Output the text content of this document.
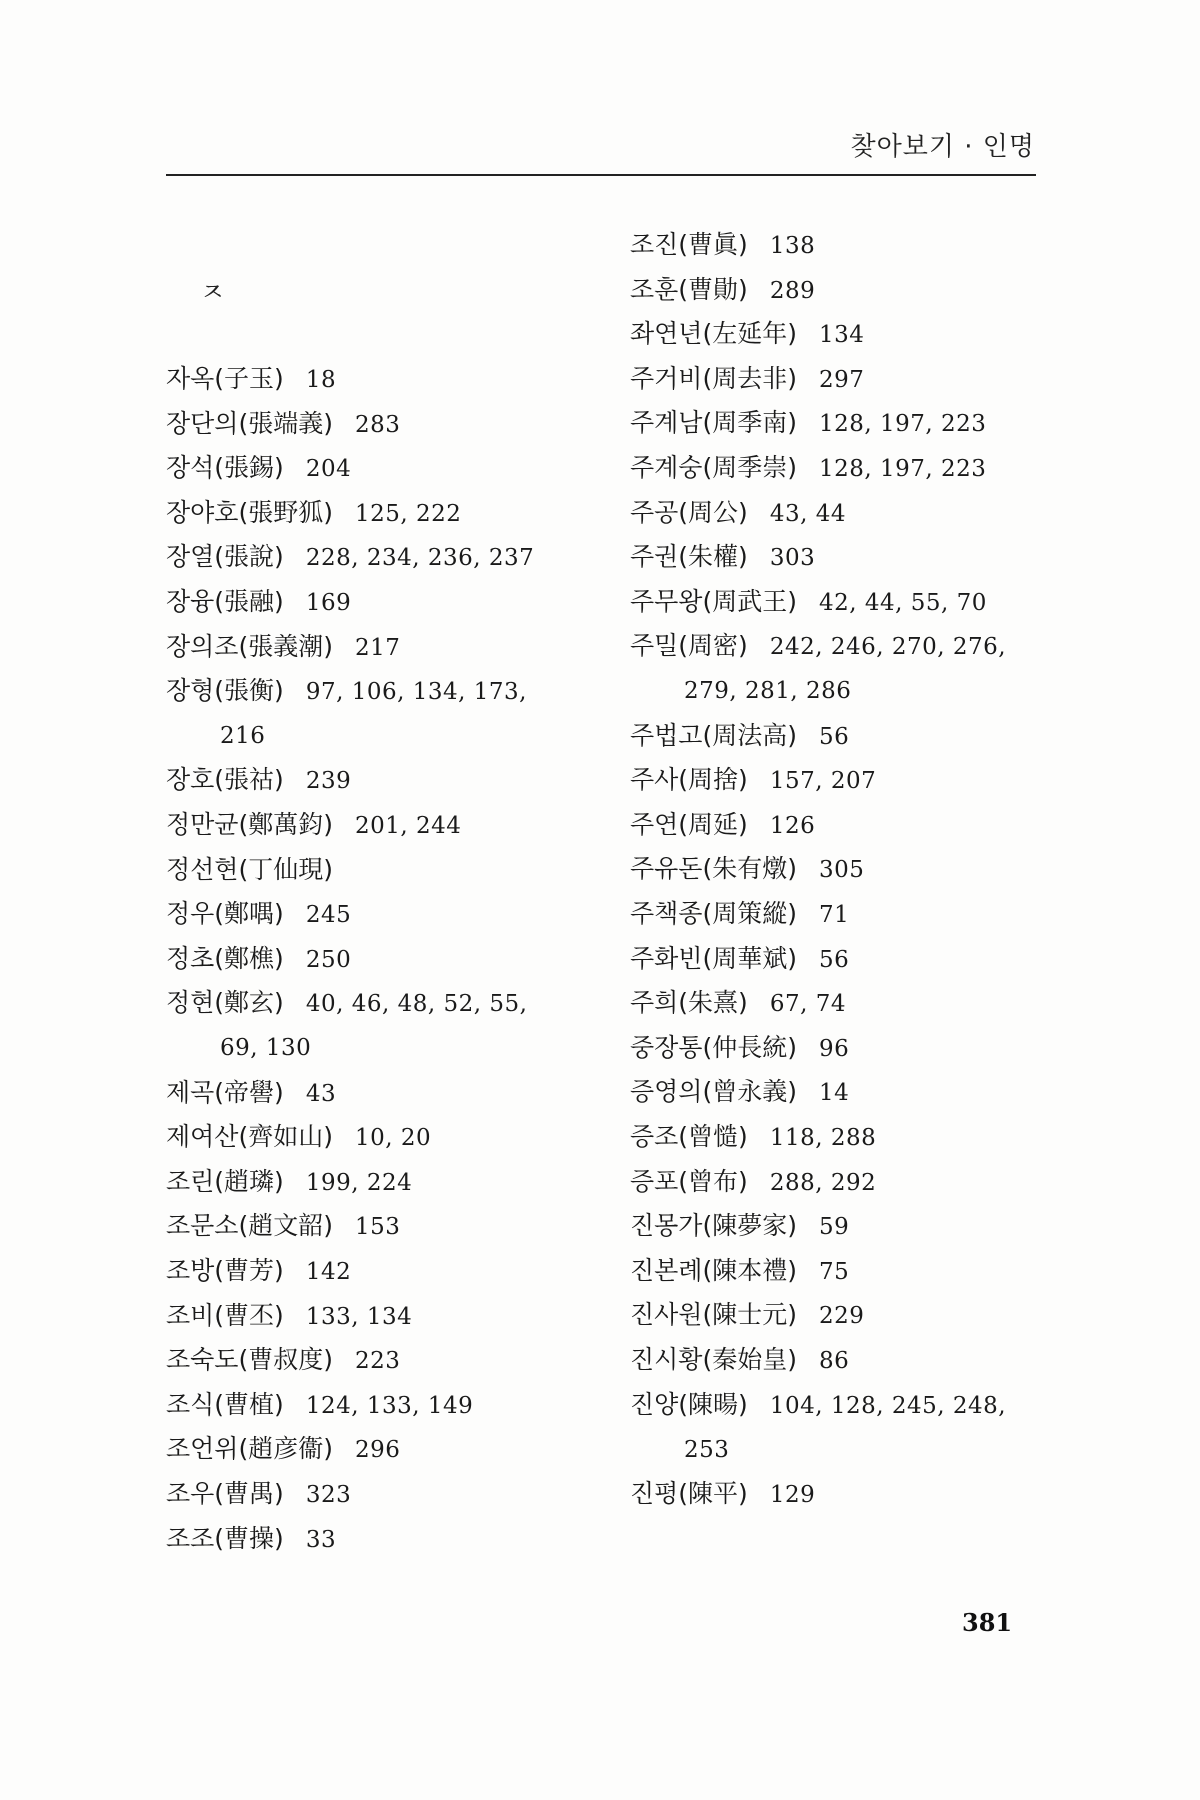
찾아보기 · 인명
ㅈ
자옥(子玉) 18
장단의(張端義) 283
장석(張錫) 204
장야호(張野狐) 125, 222
장열(張說) 228, 234, 236, 237
장융(張融) 169
장의조(張義潮) 217
장형(張衡) 97, 106, 134, 173,
216
장호(張祜) 239
정만균(鄭萬鈞) 201, 244
정선현(丁仙現)
정우(鄭喁) 245
정초(鄭樵) 250
정현(鄭玄) 40, 46, 48, 52, 55,
69, 130
제곡(帝嚳) 43
제여산(齊如山) 10, 20
조린(趙璘) 199, 224
조문소(趙文韶) 153
조방(曹芳) 142
조비(曹丕) 133, 134
조숙도(曹叔度) 223
조식(曹植) 124, 133, 149
조언위(趙彦衞) 296
조우(曹禺) 323
조조(曹操) 33
조진(曹眞) 138
조훈(曹勛) 289
좌연년(左延年) 134
주거비(周去非) 297
주계남(周季南) 128, 197, 223
주계숭(周季崇) 128, 197, 223
주공(周公) 43, 44
주권(朱權) 303
주무왕(周武王) 42, 44, 55, 70
주밀(周密) 242, 246, 270, 276,
279, 281, 286
주법고(周法高) 56
주사(周捨) 157, 207
주연(周延) 126
주유돈(朱有燉) 305
주책종(周策縱) 71
주화빈(周華斌) 56
주희(朱熹) 67, 74
중장통(仲長統) 96
증영의(曾永義) 14
증조(曾慥) 118, 288
증포(曾布) 288, 292
진몽가(陳夢家) 59
진본례(陳本禮) 75
진사원(陳士元) 229
진시황(秦始皇) 86
진양(陳暘) 104, 128, 245, 248,
253
진평(陳平) 129
381
